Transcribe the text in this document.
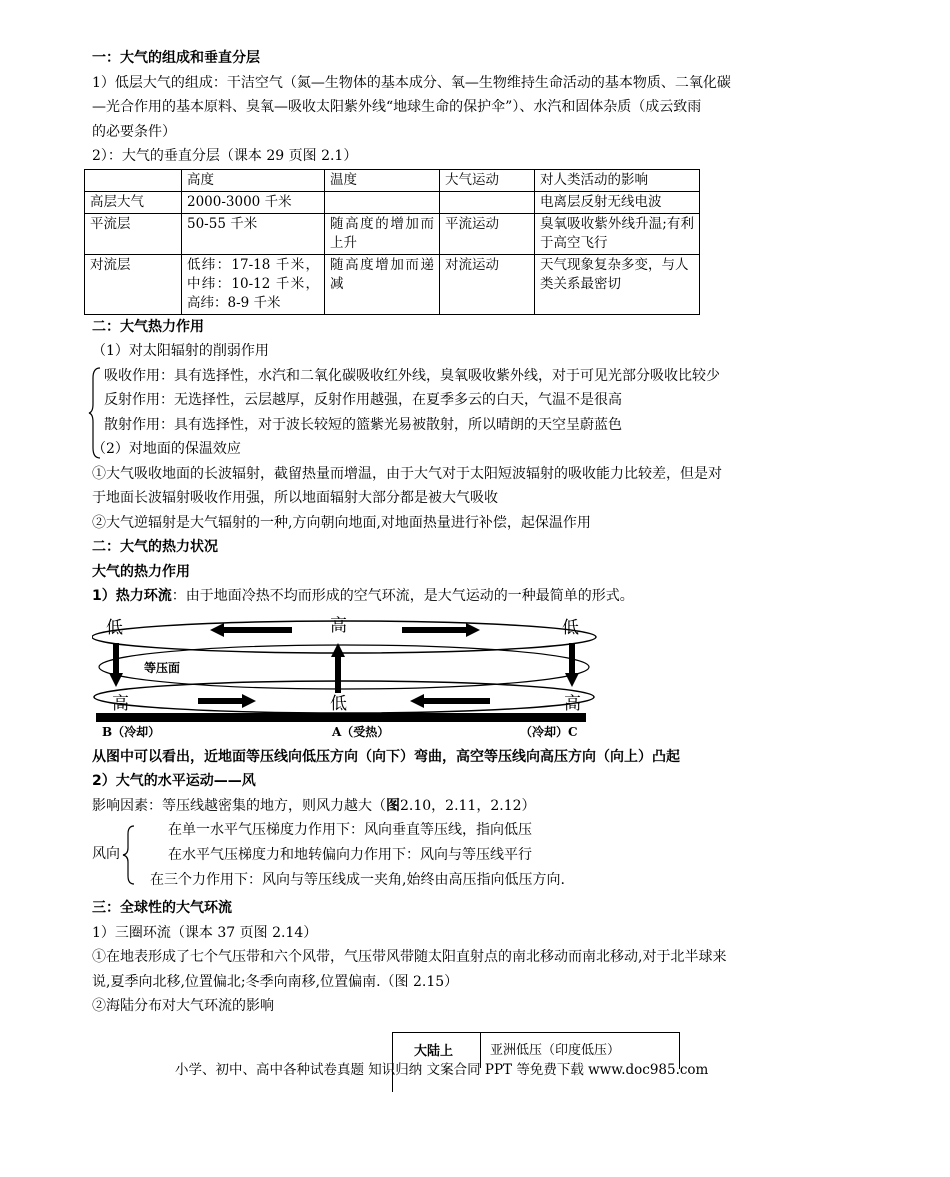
一：大气的组成和垂直分层
1）低层大气的组成：干洁空气（氮—生物体的基本成分、氧—生物维持生命活动的基本物质、二氧化碳
—光合作用的基本原料、臭氧—吸收太阳紫外线“地球生命的保护伞”）、水汽和固体杂质（成云致雨
的必要条件）
2）：大气的垂直分层（课本 29 页图 2.1）
	高度	温度	大气运动	对人类活动的影响
高层大气	2000-3000 千米			电离层反射无线电波
平流层	50-55 千米	随高度的增加而上升	平流运动	臭氧吸收紫外线升温;有利于高空飞行
对流层	低纬：17-18 千米，中纬：10-12 千米，高纬：8-9 千米	随高度增加而递减	对流运动	天气现象复杂多变，与人类关系最密切
二：大气热力作用
（1）对太阳辐射的削弱作用
吸收作用：具有选择性，水汽和二氧化碳吸收红外线，臭氧吸收紫外线，对于可见光部分吸收比较少
反射作用：无选择性，云层越厚，反射作用越强，在夏季多云的白天，气温不是很高
散射作用：具有选择性，对于波长较短的篮紫光易被散射，所以晴朗的天空呈蔚蓝色
（2）对地面的保温效应
①大气吸收地面的长波辐射，截留热量而增温，由于大气对于太阳短波辐射的吸收能力比较差，但是对
于地面长波辐射吸收作用强，所以地面辐射大部分都是被大气吸收
②大气逆辐射是大气辐射的一种,方向朝向地面,对地面热量进行补偿，起保温作用
二：大气的热力状况
大气的热力作用
1）热力环流：由于地面冷热不均而形成的空气环流，是大气运动的一种最简单的形式。
低	高	低
高	低	高
等压面
B（冷却）	A（受热）	（冷却）C
从图中可以看出，近地面等压线向低压方向（向下）弯曲，高空等压线向高压方向（向上）凸起
2）大气的水平运动——风
影响因素：等压线越密集的地方，则风力越大（图2.10，2.11，2.12）
风向
在单一水平气压梯度力作用下：风向垂直等压线，指向低压
在水平气压梯度力和地转偏向力作用下：风向与等压线平行
在三个力作用下：风向与等压线成一夹角,始终由高压指向低压方向.
三：全球性的大气环流
1）三圈环流（课本 37 页图 2.14）
①在地表形成了七个气压带和六个风带，气压带风带随太阳直射点的南北移动而南北移动,对于北半球来
说,夏季向北移,位置偏北;冬季向南移,位置偏南.（图 2.15）
②海陆分布对大气环流的影响
大陆上	亚洲低压（印度低压）
小学、初中、高中各种试卷真题 知识归纳 文案合同 PPT 等免费下载 www.doc985.com
